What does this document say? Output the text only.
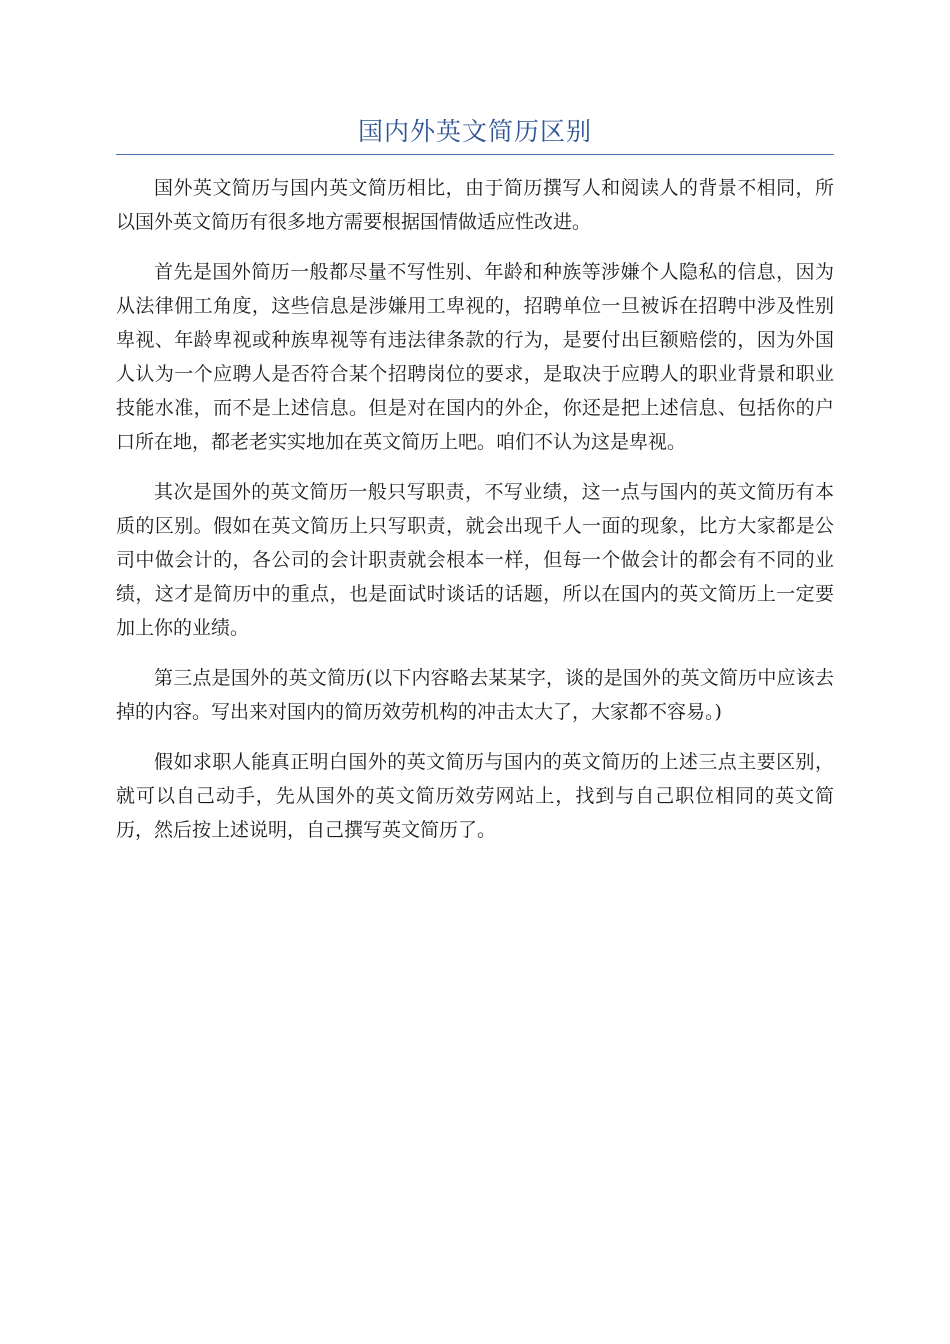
国内外英文简历区别

国外英文简历与国内英文简历相比，由于简历撰写人和阅读人的背景不相同，所以国外英文简历有很多地方需要根据国情做适应性改进。

首先是国外简历一般都尽量不写性别、年龄和种族等涉嫌个人隐私的信息，因为从法律佣工角度，这些信息是涉嫌用工卑视的，招聘单位一旦被诉在招聘中涉及性别卑视、年龄卑视或种族卑视等有违法律条款的行为，是要付出巨额赔偿的，因为外国人认为一个应聘人是否符合某个招聘岗位的要求，是取决于应聘人的职业背景和职业技能水准，而不是上述信息。但是对在国内的外企，你还是把上述信息、包括你的户口所在地，都老老实实地加在英文简历上吧。咱们不认为这是卑视。

其次是国外的英文简历一般只写职责，不写业绩，这一点与国内的英文简历有本质的区别。假如在英文简历上只写职责，就会出现千人一面的现象，比方大家都是公司中做会计的，各公司的会计职责就会根本一样，但每一个做会计的都会有不同的业绩，这才是简历中的重点，也是面试时谈话的话题，所以在国内的英文简历上一定要加上你的业绩。

第三点是国外的英文简历(以下内容略去某某字，谈的是国外的英文简历中应该去掉的内容。写出来对国内的简历效劳机构的冲击太大了，大家都不容易。)

假如求职人能真正明白国外的英文简历与国内的英文简历的上述三点主要区别，就可以自己动手，先从国外的英文简历效劳网站上，找到与自己职位相同的英文简历，然后按上述说明，自己撰写英文简历了。
